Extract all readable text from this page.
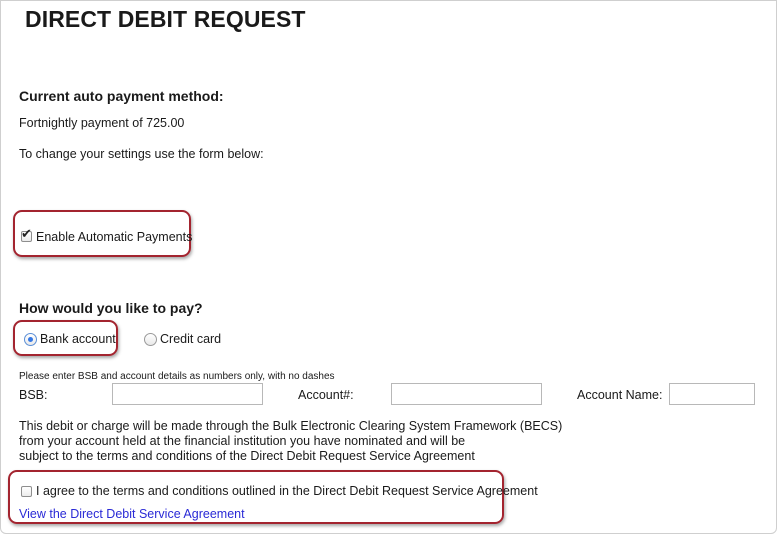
DIRECT DEBIT REQUEST
Current auto payment method:
Fortnightly payment of 725.00
To change your settings use the form below:
✔ Enable Automatic Payments
How would you like to pay?
Bank account	Credit card
Please enter BSB and account details as numbers only, with no dashes
BSB:	Account#:	Account Name:
This debit or charge will be made through the Bulk Electronic Clearing System Framework (BECS)
from your account held at the financial institution you have nominated and will be
subject to the terms and conditions of the Direct Debit Request Service Agreement
I agree to the terms and conditions outlined in the Direct Debit Request Service Agreement
View the Direct Debit Service Agreement
